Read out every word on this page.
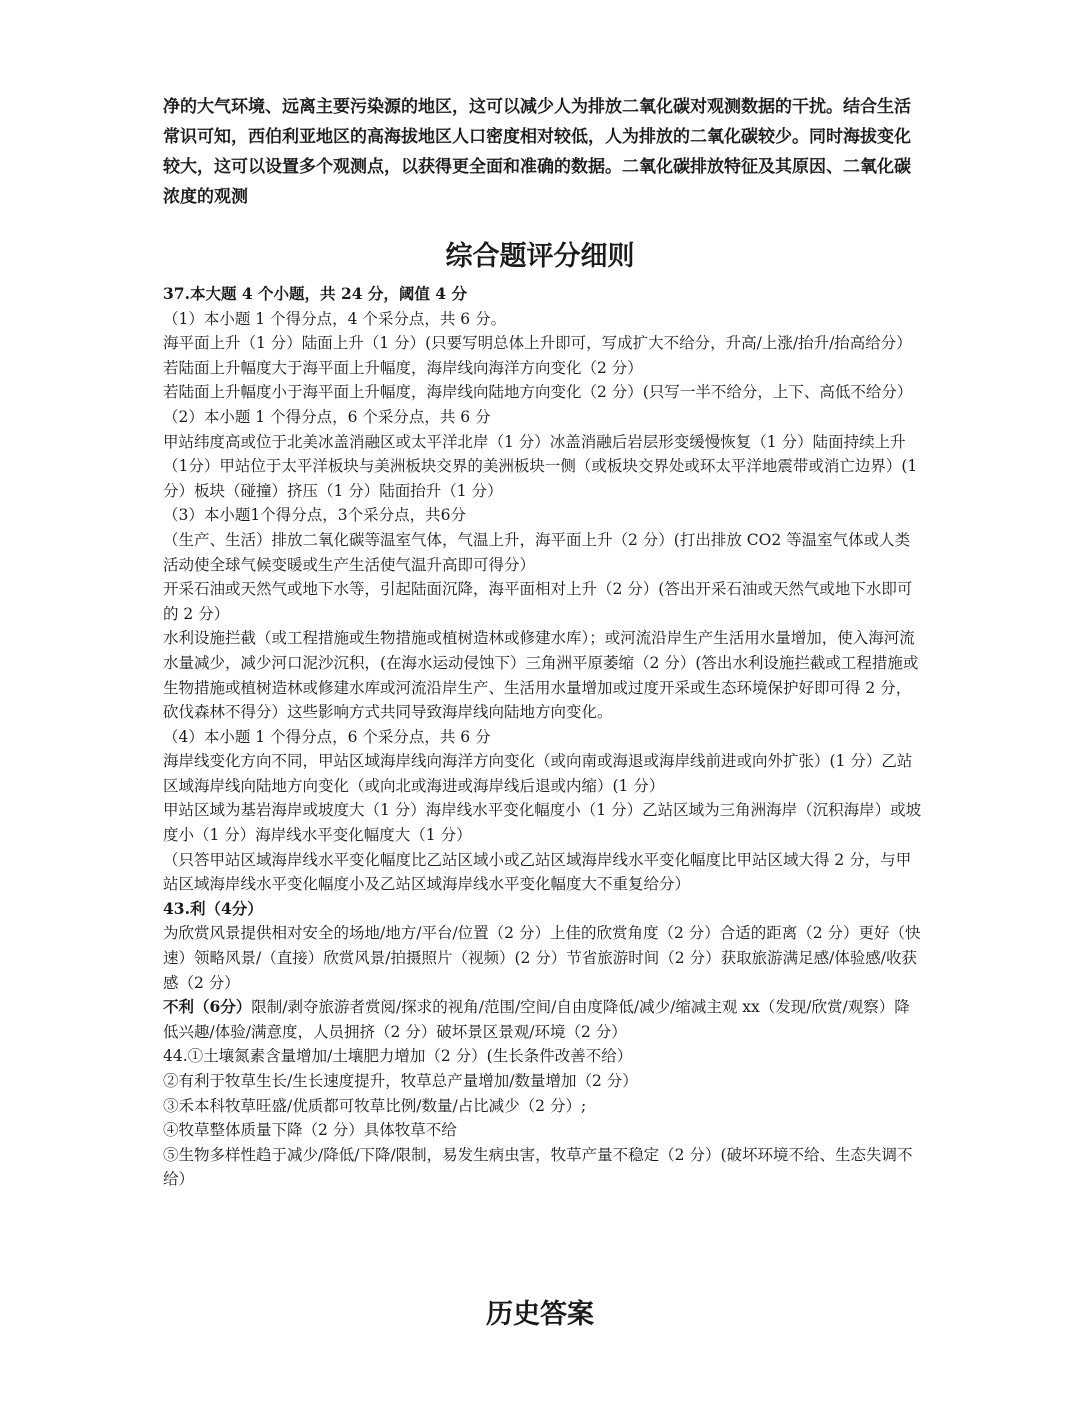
净的大气环境、远离主要污染源的地区，这可以减少人为排放二氧化碳对观测数据的干扰。结合生活常识可知，西伯利亚地区的高海拔地区人口密度相对较低，人为排放的二氧化碳较少。同时海拔变化较大，这可以设置多个观测点，以获得更全面和准确的数据。二氧化碳排放特征及其原因、二氧化碳浓度的观测

综合题评分细则

37.本大题 4 个小题，共 24 分，阈值 4 分

（1）本小题 1 个得分点，4 个采分点，共 6 分。

海平面上升（1 分）陆面上升（1 分）(只要写明总体上升即可，写成扩大不给分，升高/上涨/抬升/抬高给分）若陆面上升幅度大于海平面上升幅度，海岸线向海洋方向变化（2 分）

若陆面上升幅度小于海平面上升幅度，海岸线向陆地方向变化（2 分）(只写一半不给分，上下、高低不给分）

（2）本小题 1 个得分点，6 个采分点，共 6 分

甲站纬度高或位于北美冰盖消融区或太平洋北岸（1 分）冰盖消融后岩层形变缓慢恢复（1 分）陆面持续上升（1分）甲站位于太平洋板块与美洲板块交界的美洲板块一侧（或板块交界处或环太平洋地震带或消亡边界）(1 分）板块（碰撞）挤压（1 分）陆面抬升（1 分）

（3）本小题1个得分点，3个采分点，共6分

（生产、生活）排放二氧化碳等温室气体，气温上升，海平面上升（2 分）(打出排放 CO2 等温室气体或人类活动使全球气候变暖或生产生活使气温升高即可得分）

开采石油或天然气或地下水等，引起陆面沉降，海平面相对上升（2 分）(答出开采石油或天然气或地下水即可的 2 分）

水利设施拦截（或工程措施或生物措施或植树造林或修建水库）；或河流沿岸生产生活用水量增加，使入海河流水量减少，减少河口泥沙沉积，(在海水运动侵蚀下）三角洲平原萎缩（2 分）(答出水利设施拦截或工程措施或生物措施或植树造林或修建水库或河流沿岸生产、生活用水量增加或过度开采或生态环境保护好即可得 2 分，砍伐森林不得分）这些影响方式共同导致海岸线向陆地方向变化。

（4）本小题 1 个得分点，6 个采分点，共 6 分

海岸线变化方向不同，甲站区域海岸线向海洋方向变化（或向南或海退或海岸线前进或向外扩张）(1 分）乙站区域海岸线向陆地方向变化（或向北或海进或海岸线后退或内缩）(1 分）

甲站区域为基岩海岸或坡度大（1 分）海岸线水平变化幅度小（1 分）乙站区域为三角洲海岸（沉积海岸）或坡度小（1 分）海岸线水平变化幅度大（1 分）

（只答甲站区域海岸线水平变化幅度比乙站区域小或乙站区域海岸线水平变化幅度比甲站区域大得 2 分，与甲站区域海岸线水平变化幅度小及乙站区域海岸线水平变化幅度大不重复给分）

43.利（4分）

为欣赏风景提供相对安全的场地/地方/平台/位置（2 分）上佳的欣赏角度（2 分）合适的距离（2 分）更好（快速）领略风景/（直接）欣赏风景/拍摄照片（视频）(2 分）节省旅游时间（2 分）获取旅游满足感/体验感/收获感（2 分）

不利（6分）限制/剥夺旅游者赏阅/探求的视角/范围/空间/自由度降低/减少/缩减主观 xx（发现/欣赏/观察）降低兴趣/体验/满意度，人员拥挤（2 分）破坏景区景观/环境（2 分）

44.①土壤氮素含量增加/土壤肥力增加（2 分）(生长条件改善不给）

②有利于牧草生长/生长速度提升，牧草总产量增加/数量增加（2 分）

③禾本科牧草旺盛/优质都可牧草比例/数量/占比减少（2 分）;

④牧草整体质量下降（2 分）具体牧草不给

⑤生物多样性趋于减少/降低/下降/限制，易发生病虫害，牧草产量不稳定（2 分）(破坏环境不给、生态失调不给）

历史答案
